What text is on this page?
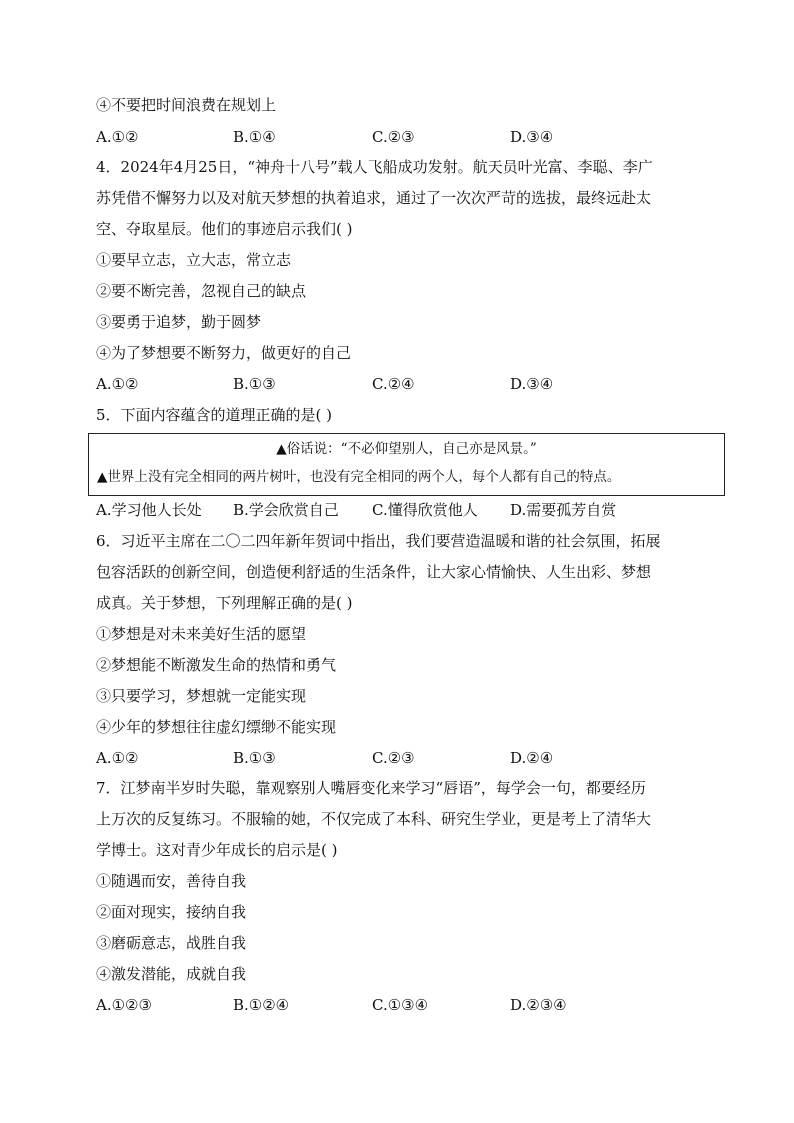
④不要把时间浪费在规划上
A.①②	B.①④	C.②③	D.③④
4．2024年4月25日，“神舟十八号”载人飞船成功发射。航天员叶光富、李聪、李广
苏凭借不懈努力以及对航天梦想的执着追求，通过了一次次严苛的选拔，最终远赴太
空、夺取星辰。他们的事迹启示我们( )
①要早立志，立大志，常立志
②要不断完善，忽视自己的缺点
③要勇于追梦，勤于圆梦
④为了梦想要不断努力，做更好的自己
A.①②	B.①③	C.②④	D.③④
5．下面内容蕴含的道理正确的是( )
▲俗话说：“不必仰望别人，自己亦是风景。”
▲世界上没有完全相同的两片树叶，也没有完全相同的两个人，每个人都有自己的特点。
A.学习他人长处 B.学会欣赏自己 C.懂得欣赏他人 D.需要孤芳自赏
6．习近平主席在二〇二四年新年贺词中指出，我们要营造温暖和谐的社会氛围，拓展
包容活跃的创新空间，创造便利舒适的生活条件，让大家心情愉快、人生出彩、梦想
成真。关于梦想，下列理解正确的是( )
①梦想是对未来美好生活的愿望
②梦想能不断激发生命的热情和勇气
③只要学习，梦想就一定能实现
④少年的梦想往往虚幻缥缈不能实现
A.①②	B.①③	C.②③	D.②④
7．江梦南半岁时失聪，靠观察别人嘴唇变化来学习“唇语”，每学会一句，都要经历
上万次的反复练习。不服输的她，不仅完成了本科、研究生学业，更是考上了清华大
学博士。这对青少年成长的启示是( )
①随遇而安，善待自我
②面对现实，接纳自我
③磨砺意志，战胜自我
④激发潜能，成就自我
A.①②③	B.①②④	C.①③④	D.②③④
